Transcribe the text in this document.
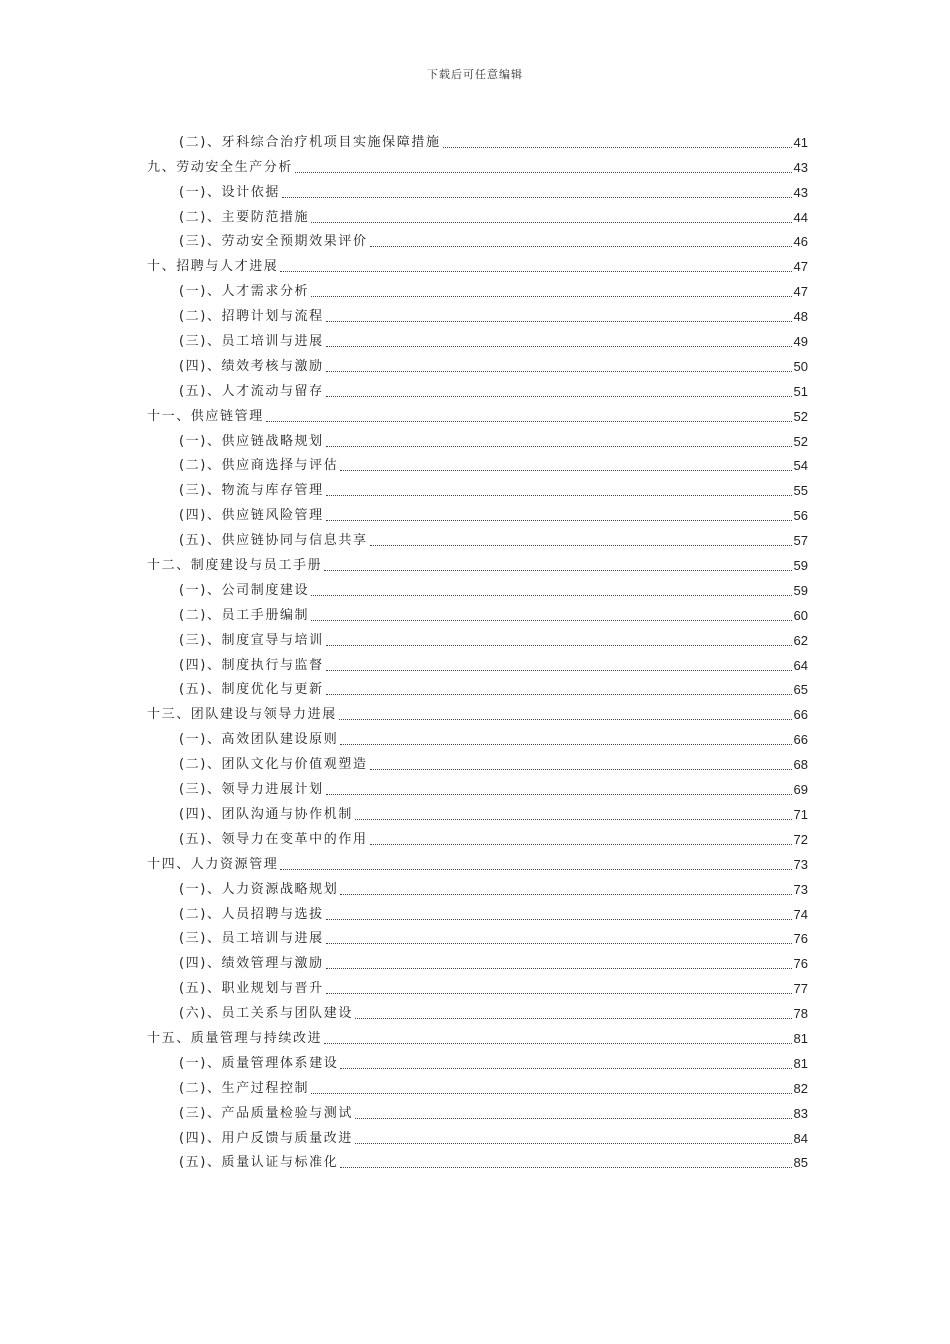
下载后可任意编辑
(二)、牙科综合治疗机项目实施保障措施	41
九、劳动安全生产分析	43
(一)、设计依据	43
(二)、主要防范措施	44
(三)、劳动安全预期效果评价	46
十、招聘与人才进展	47
(一)、人才需求分析	47
(二)、招聘计划与流程	48
(三)、员工培训与进展	49
(四)、绩效考核与激励	50
(五)、人才流动与留存	51
十一、供应链管理	52
(一)、供应链战略规划	52
(二)、供应商选择与评估	54
(三)、物流与库存管理	55
(四)、供应链风险管理	56
(五)、供应链协同与信息共享	57
十二、制度建设与员工手册	59
(一)、公司制度建设	59
(二)、员工手册编制	60
(三)、制度宣导与培训	62
(四)、制度执行与监督	64
(五)、制度优化与更新	65
十三、团队建设与领导力进展	66
(一)、高效团队建设原则	66
(二)、团队文化与价值观塑造	68
(三)、领导力进展计划	69
(四)、团队沟通与协作机制	71
(五)、领导力在变革中的作用	72
十四、人力资源管理	73
(一)、人力资源战略规划	73
(二)、人员招聘与选拔	74
(三)、员工培训与进展	76
(四)、绩效管理与激励	76
(五)、职业规划与晋升	77
(六)、员工关系与团队建设	78
十五、质量管理与持续改进	81
(一)、质量管理体系建设	81
(二)、生产过程控制	82
(三)、产品质量检验与测试	83
(四)、用户反馈与质量改进	84
(五)、质量认证与标准化	85
